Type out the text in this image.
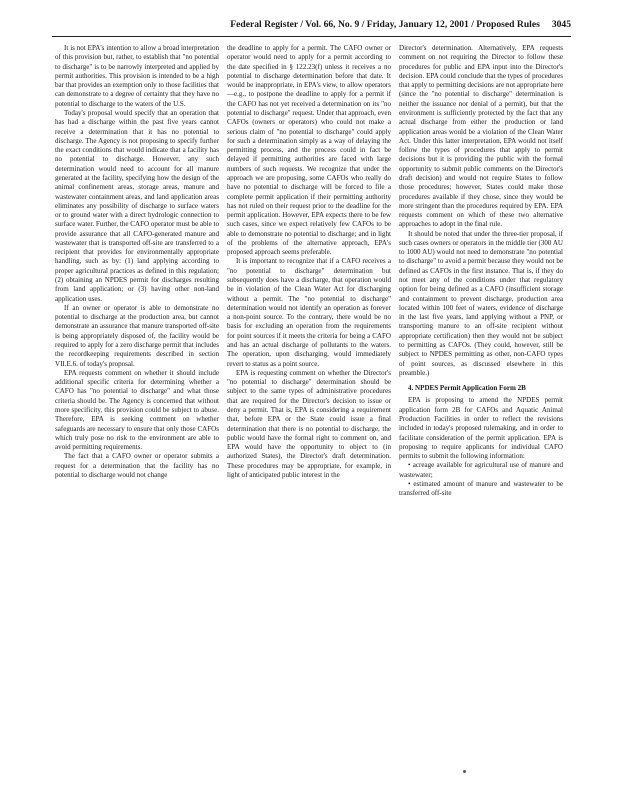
Federal Register / Vol. 66, No. 9 / Friday, January 12, 2001 / Proposed Rules 3045

It is not EPA's intention to allow a broad interpretation of this provision but, rather, to establish that "no potential to discharge" is to be narrowly interpreted and applied by permit authorities. This provision is intended to be a high bar that provides an exemption only to those facilities that can demonstrate to a degree of certainty that they have no potential to discharge to the waters of the U.S.

Today's proposal would specify that an operation that has had a discharge within the past five years cannot receive a determination that it has no potential to discharge. The Agency is not proposing to specify further the exact conditions that would indicate that a facility has no potential to discharge. However, any such determination would need to account for all manure generated at the facility, specifying how the design of the animal confinement areas, storage areas, manure and wastewater containment areas, and land application areas eliminates any possibility of discharge to surface waters or to ground water with a direct hydrologic connection to surface water. Further, the CAFO operator must be able to provide assurance that all CAFO-generated manure and wastewater that is transported off-site are transferred to a recipient that provides for environmentally appropriate handling, such as by: (1) land applying according to proper agricultural practices as defined in this regulation; (2) obtaining an NPDES permit for discharges resulting from land application; or (3) having other non-land application uses.

If an owner or operator is able to demonstrate no potential to discharge at the production area, but cannot demonstrate an assurance that manure transported off-site is being appropriately disposed of, the facility would be required to apply for a zero discharge permit that includes the recordkeeping requirements described in section VII.E.6. of today's proposal.

EPA requests comment on whether it should include additional specific criteria for determining whether a CAFO has "no potential to discharge" and what those criteria should be. The Agency is concerned that without more specificity, this provision could be subject to abuse. Therefore, EPA is seeking comment on whether safeguards are necessary to ensure that only those CAFOs which truly pose no risk to the environment are able to avoid permitting requirements.

The fact that a CAFO owner or operator submits a request for a determination that the facility has no potential to discharge would not change

the deadline to apply for a permit. The CAFO owner or operator would need to apply for a permit according to the date specified in § 122.23(f) unless it receives a no potential to discharge determination before that date. It would be inappropriate, in EPA's view, to allow operators—e.g., to postpone the deadline to apply for a permit if the CAFO has not yet received a determination on its "no potential to discharge" request. Under that approach, even CAFOs (owners or operators) who could not make a serious claim of "no potential to discharge" could apply for such a determination simply as a way of delaying the permitting process, and the process could in fact be delayed if permitting authorities are faced with large numbers of such requests. We recognize that under the approach we are proposing, some CAFOs who really do have no potential to discharge will be forced to file a complete permit application if their permitting authority has not ruled on their request prior to the deadline for the permit application. However, EPA expects there to be few such cases, since we expect relatively few CAFOs to be able to demonstrate no potential to discharge; and in light of the problems of the alternative approach, EPA's proposed approach seems preferable.

It is important to recognize that if a CAFO receives a "no potential to discharge" determination but subsequently does have a discharge, that operation would be in violation of the Clean Water Act for discharging without a permit. The "no potential to discharge" determination would not identify an operation as forever a non-point source. To the contrary, there would be no basis for excluding an operation from the requirements for point sources if it meets the criteria for being a CAFO and has an actual discharge of pollutants to the waters. The operation, upon discharging, would immediately revert to status as a point source.

EPA is requesting comment on whether the Director's "no potential to discharge" determination should be subject to the same types of administrative procedures that are required for the Director's decision to issue or deny a permit. That is, EPA is considering a requirement that, before EPA or the State could issue a final determination that there is no potential to discharge, the public would have the formal right to comment on, and EPA would have the opportunity to object to (in authorized States), the Director's draft determination. These procedures may be appropriate, for example, in light of anticipated public interest in the

Director's determination. Alternatively, EPA requests comment on not requiring the Director to follow these procedures for public and EPA input into the Director's decision. EPA could conclude that the types of procedures that apply to permitting decisions are not appropriate here (since the "no potential to discharge" determination is neither the issuance nor denial of a permit), but that the environment is sufficiently protected by the fact that any actual discharge from either the production or land application areas would be a violation of the Clean Water Act. Under this latter interpretation, EPA would not itself follow the types of procedures that apply to permit decisions but it is providing the public with the formal opportunity to submit public comments on the Director's draft decision) and would not require States to follow those procedures; however, States could make those procedures available if they chose, since they would be more stringent than the procedures required by EPA. EPA requests comment on which of these two alternative approaches to adopt in the final rule.

It should be noted that under the three-tier proposal, if such cases owners or operators in the middle tier (300 AU to 1000 AU) would not need to demonstrate "no potential to discharge" to avoid a permit because they would not be defined as CAFOs in the first instance. That is, if they do not meet any of the conditions under that regulatory option for being defined as a CAFO (insufficient storage and containment to prevent discharge, production area located within 100 feet of waters, evidence of discharge in the last five years, land applying without a PNP, or transporting manure to an off-site recipient without appropriate certification) then they would not be subject to permitting as CAFOs. (They could, however, still be subject to NPDES permitting as other, non-CAFO types of point sources, as discussed elsewhere in this preamble.)

4. NPDES Permit Application Form 2B

EPA is proposing to amend the NPDES permit application form 2B for CAFOs and Aquatic Animal Production Facilities in order to reflect the revisions included in today's proposed rulemaking, and in order to facilitate consideration of the permit application. EPA is proposing to require applicants for individual CAFO permits to submit the following information:

• acreage available for agricultural use of manure and wastewater;

• estimated amount of manure and wastewater to be transferred off-site
